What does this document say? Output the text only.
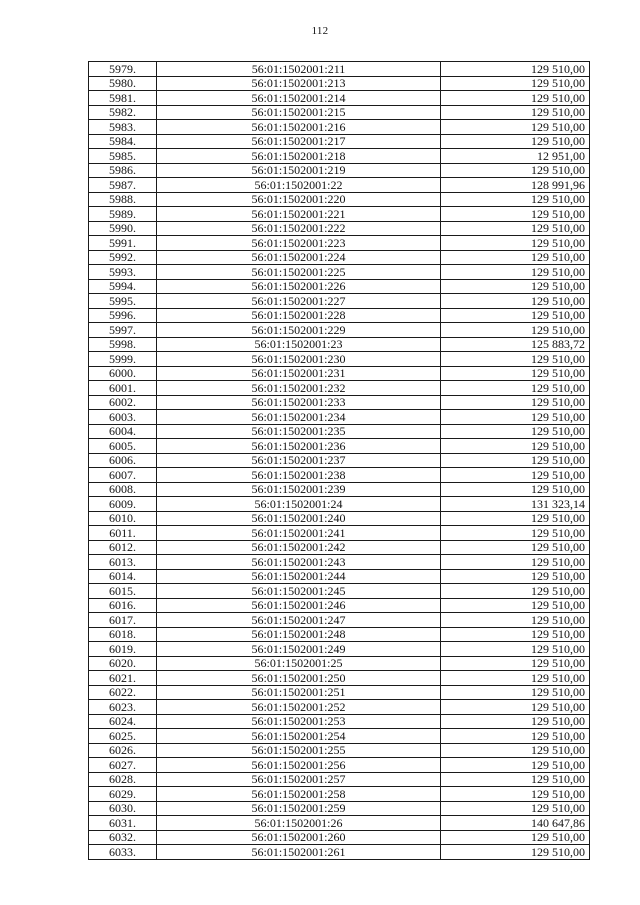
112
5979.	56:01:1502001:211	129 510,00
5980.	56:01:1502001:213	129 510,00
5981.	56:01:1502001:214	129 510,00
5982.	56:01:1502001:215	129 510,00
5983.	56:01:1502001:216	129 510,00
5984.	56:01:1502001:217	129 510,00
5985.	56:01:1502001:218	12 951,00
5986.	56:01:1502001:219	129 510,00
5987.	56:01:1502001:22	128 991,96
5988.	56:01:1502001:220	129 510,00
5989.	56:01:1502001:221	129 510,00
5990.	56:01:1502001:222	129 510,00
5991.	56:01:1502001:223	129 510,00
5992.	56:01:1502001:224	129 510,00
5993.	56:01:1502001:225	129 510,00
5994.	56:01:1502001:226	129 510,00
5995.	56:01:1502001:227	129 510,00
5996.	56:01:1502001:228	129 510,00
5997.	56:01:1502001:229	129 510,00
5998.	56:01:1502001:23	125 883,72
5999.	56:01:1502001:230	129 510,00
6000.	56:01:1502001:231	129 510,00
6001.	56:01:1502001:232	129 510,00
6002.	56:01:1502001:233	129 510,00
6003.	56:01:1502001:234	129 510,00
6004.	56:01:1502001:235	129 510,00
6005.	56:01:1502001:236	129 510,00
6006.	56:01:1502001:237	129 510,00
6007.	56:01:1502001:238	129 510,00
6008.	56:01:1502001:239	129 510,00
6009.	56:01:1502001:24	131 323,14
6010.	56:01:1502001:240	129 510,00
6011.	56:01:1502001:241	129 510,00
6012.	56:01:1502001:242	129 510,00
6013.	56:01:1502001:243	129 510,00
6014.	56:01:1502001:244	129 510,00
6015.	56:01:1502001:245	129 510,00
6016.	56:01:1502001:246	129 510,00
6017.	56:01:1502001:247	129 510,00
6018.	56:01:1502001:248	129 510,00
6019.	56:01:1502001:249	129 510,00
6020.	56:01:1502001:25	129 510,00
6021.	56:01:1502001:250	129 510,00
6022.	56:01:1502001:251	129 510,00
6023.	56:01:1502001:252	129 510,00
6024.	56:01:1502001:253	129 510,00
6025.	56:01:1502001:254	129 510,00
6026.	56:01:1502001:255	129 510,00
6027.	56:01:1502001:256	129 510,00
6028.	56:01:1502001:257	129 510,00
6029.	56:01:1502001:258	129 510,00
6030.	56:01:1502001:259	129 510,00
6031.	56:01:1502001:26	140 647,86
6032.	56:01:1502001:260	129 510,00
6033.	56:01:1502001:261	129 510,00
